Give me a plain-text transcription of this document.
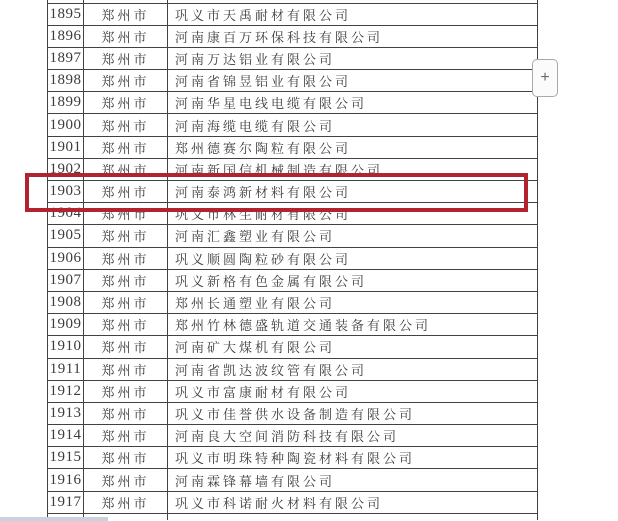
1895	郑州市	巩义市天禹耐材有限公司
1896	郑州市	河南康百万环保科技有限公司
1897	郑州市	河南万达铝业有限公司
1898	郑州市	河南省锦昱铝业有限公司
1899	郑州市	河南华星电线电缆有限公司
1900	郑州市	河南海缆电缆有限公司
1901	郑州市	郑州德赛尔陶粒有限公司
1902	郑州市	河南新国信机械制造有限公司
1903	郑州市	河南泰鸿新材料有限公司
1904	郑州市	巩义市林生耐材有限公司
1905	郑州市	河南汇鑫塑业有限公司
1906	郑州市	巩义顺圆陶粒砂有限公司
1907	郑州市	巩义新格有色金属有限公司
1908	郑州市	郑州长通塑业有限公司
1909	郑州市	郑州竹林德盛轨道交通装备有限公司
1910	郑州市	河南矿大煤机有限公司
1911	郑州市	河南省凯达波纹管有限公司
1912	郑州市	巩义市富康耐材有限公司
1913	郑州市	巩义市佳誉供水设备制造有限公司
1914	郑州市	河南良大空间消防科技有限公司
1915	郑州市	巩义市明珠特种陶瓷材料有限公司
1916	郑州市	河南霖锋幕墙有限公司
1917	郑州市	巩义市科诺耐火材料有限公司

+
